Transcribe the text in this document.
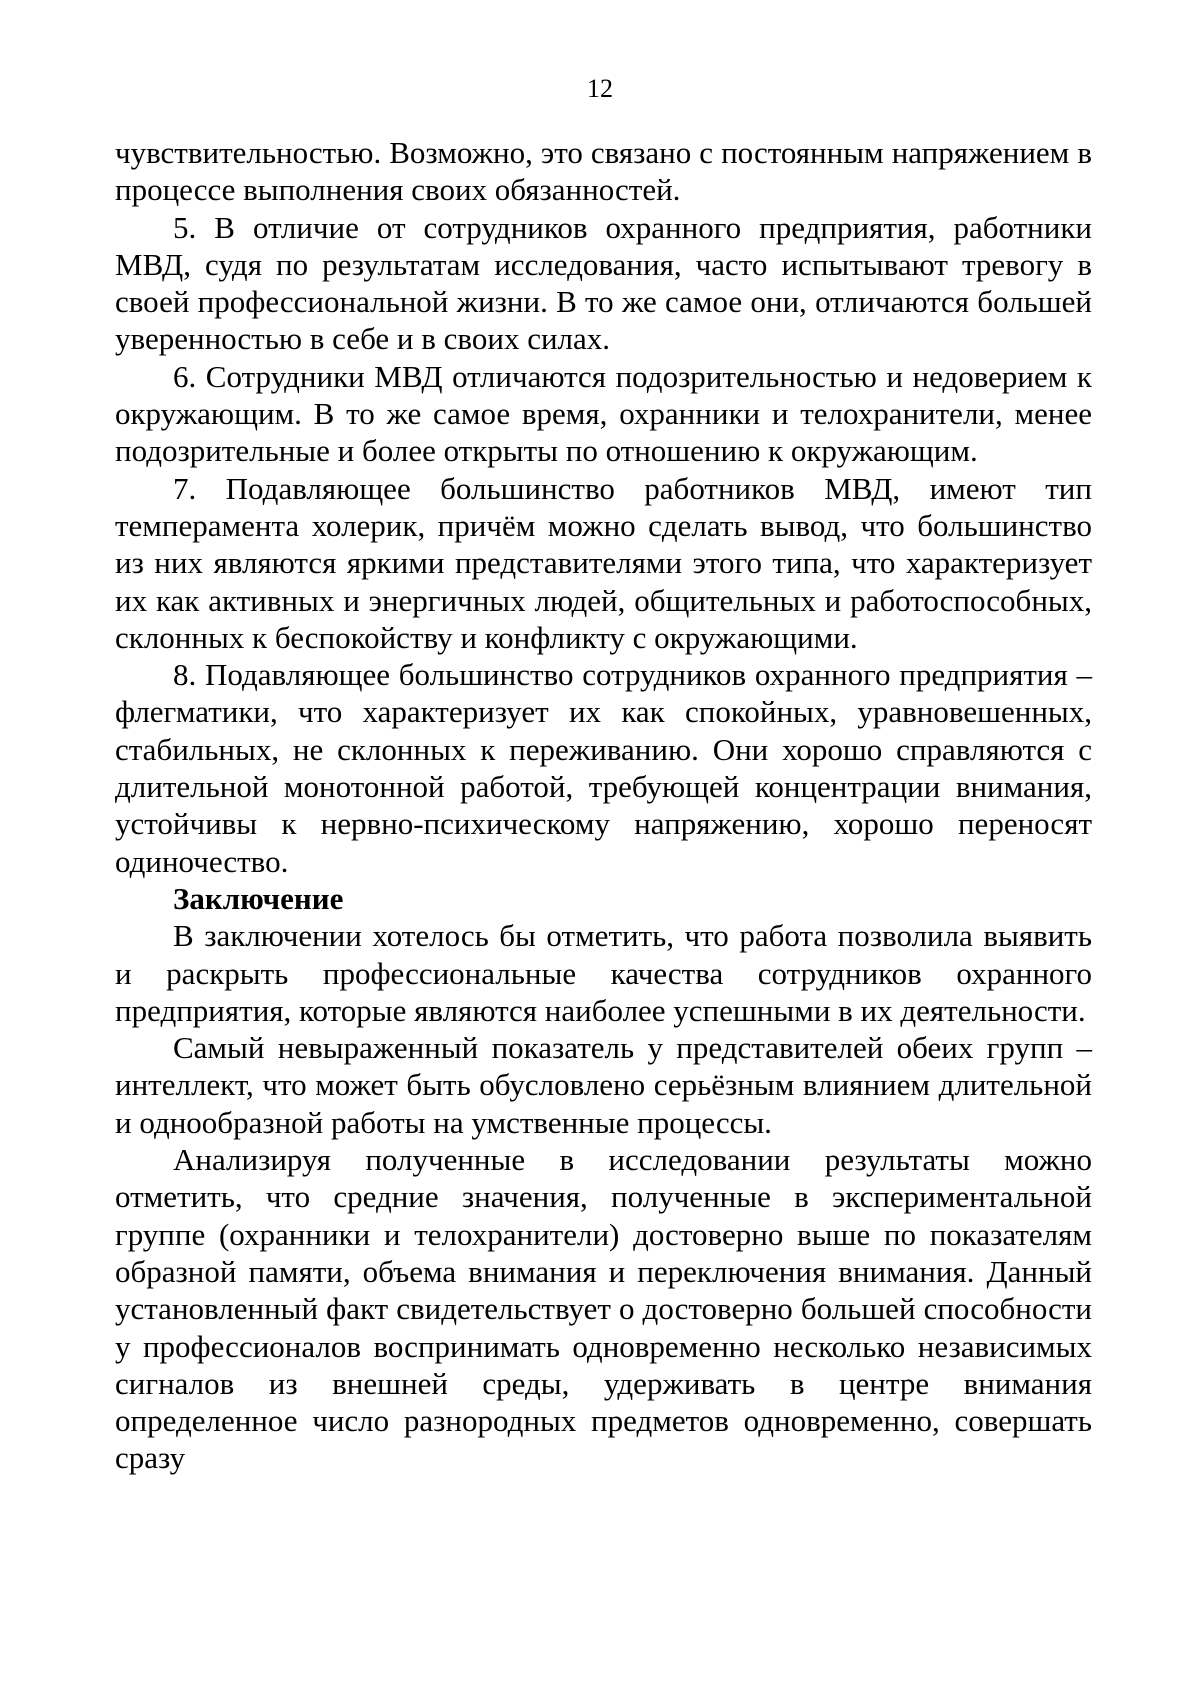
12

чувствительностью. Возможно, это связано с постоянным напряжением в процессе выполнения своих обязанностей.

5. В отличие от сотрудников охранного предприятия, работники МВД, судя по результатам исследования, часто испытывают тревогу в своей профессиональной жизни. В то же самое они, отличаются большей уверенностью в себе и в своих силах.

6. Сотрудники МВД отличаются подозрительностью и недоверием к окружающим. В то же самое время, охранники и телохранители, менее подозрительные и более открыты по отношению к окружающим.

7. Подавляющее большинство работников МВД, имеют тип темперамента холерик, причём можно сделать вывод, что большинство из них являются яркими представителями этого типа, что характеризует их как активных и энергичных людей, общительных и работоспособных, склонных к беспокойству и конфликту с окружающими.

8. Подавляющее большинство сотрудников охранного предприятия – флегматики, что характеризует их как спокойных, уравновешенных, стабильных, не склонных к переживанию. Они хорошо справляются с длительной монотонной работой, требующей концентрации внимания, устойчивы к нервно-психическому напряжению, хорошо переносят одиночество.

Заключение

В заключении хотелось бы отметить, что работа позволила выявить и раскрыть профессиональные качества сотрудников охранного предприятия, которые являются наиболее успешными в их деятельности.

Самый невыраженный показатель у представителей обеих групп – интеллект, что может быть обусловлено серьёзным влиянием длительной и однообразной работы на умственные процессы.

Анализируя полученные в исследовании результаты можно отметить, что средние значения, полученные в экспериментальной группе (охранники и телохранители) достоверно выше по показателям образной памяти, объема внимания и переключения внимания. Данный установленный факт свидетельствует о достоверно большей способности у профессионалов воспринимать одновременно несколько независимых сигналов из внешней среды, удерживать в центре внимания определенное число разнородных предметов одновременно, совершать сразу
